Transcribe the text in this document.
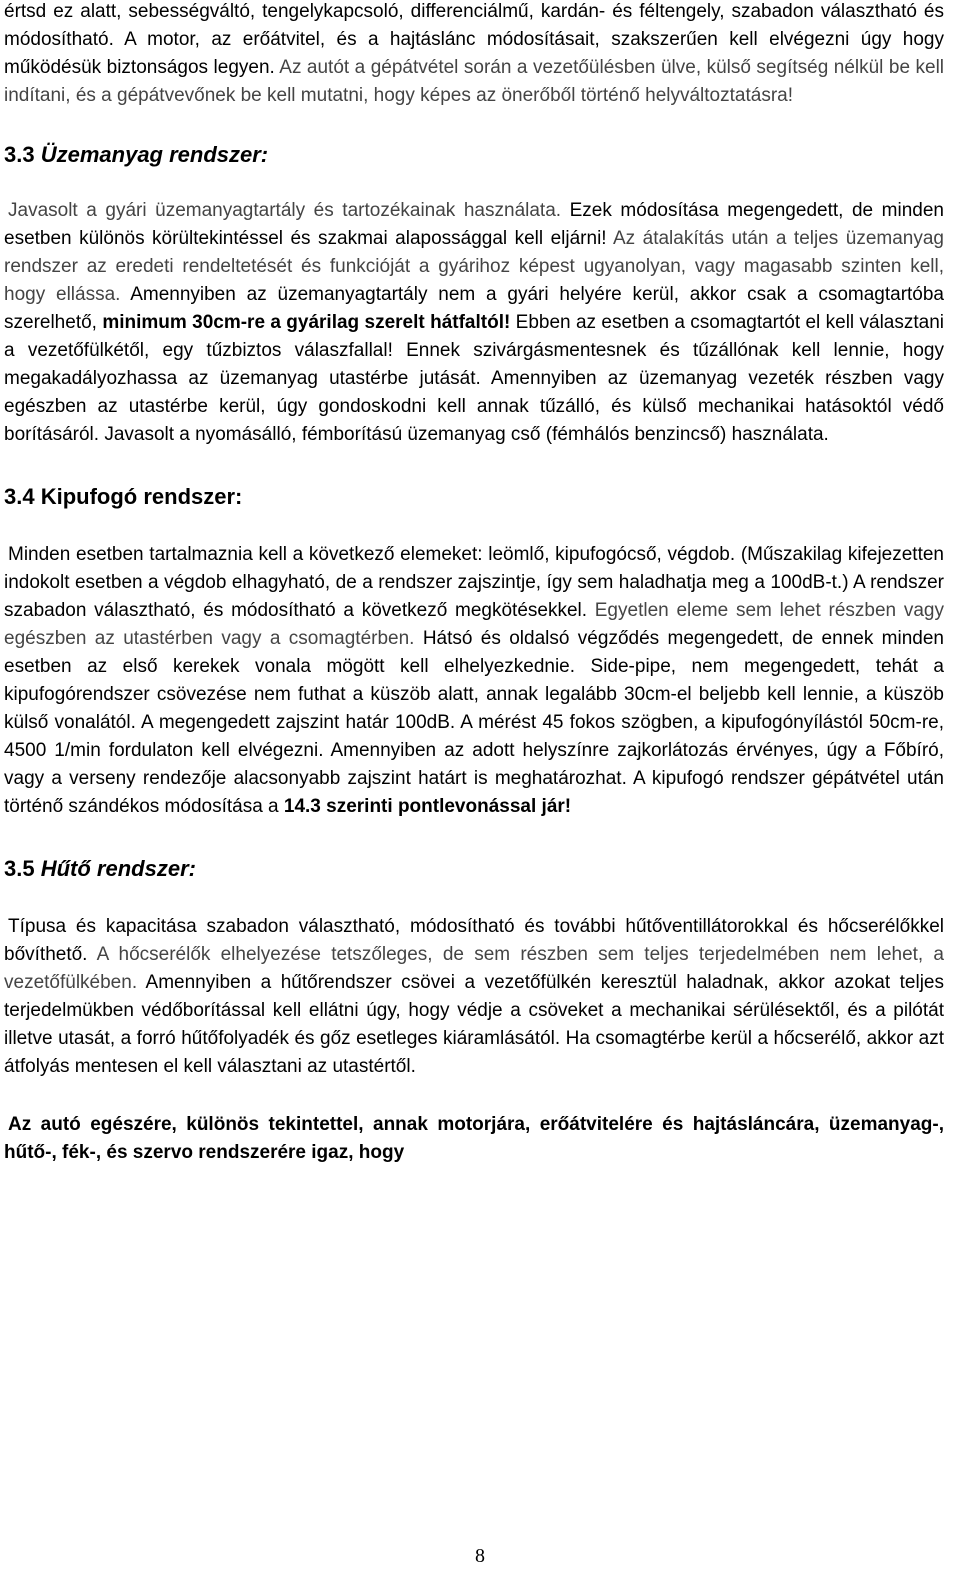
értsd ez alatt, sebességváltó, tengelykapcsoló, differenciálmű, kardán- és féltengely, szabadon választható és módosítható. A motor, az erőátvitel, és a hajtáslánc módosításait, szakszerűen kell elvégezni úgy hogy működésük biztonságos legyen. Az autót a gépátvétel során a vezetőülésben ülve, külső segítség nélkül be kell indítani, és a gépátvevőnek be kell mutatni, hogy képes az önerőből történő helyváltoztatásra!

3.3 Üzemanyag rendszer:

Javasolt a gyári üzemanyagtartály és tartozékainak használata. Ezek módosítása megengedett, de minden esetben különös körültekintéssel és szakmai alapossággal kell eljárni! Az átalakítás után a teljes üzemanyag rendszer az eredeti rendeltetését és funkcióját a gyárihoz képest ugyanolyan, vagy magasabb szinten kell, hogy ellássa. Amennyiben az üzemanyagtartály nem a gyári helyére kerül, akkor csak a csomagtartóba szerelhető, minimum 30cm-re a gyárilag szerelt hátfaltól! Ebben az esetben a csomagtartót el kell választani a vezetőfülkétől, egy tűzbiztos válaszfallal! Ennek szivárgásmentesnek és tűzállónak kell lennie, hogy megakadályozhassa az üzemanyag utastérbe jutását. Amennyiben az üzemanyag vezeték részben vagy egészben az utastérbe kerül, úgy gondoskodni kell annak tűzálló, és külső mechanikai hatásoktól védő borításáról. Javasolt a nyomásálló, fémborítású üzemanyag cső (fémhálós benzincső) használata.

3.4 Kipufogó rendszer:

Minden esetben tartalmaznia kell a következő elemeket: leömlő, kipufogócső, végdob. (Műszakilag kifejezetten indokolt esetben a végdob elhagyható, de a rendszer zajszintje, így sem haladhatja meg a 100dB-t.) A rendszer szabadon választható, és módosítható a következő megkötésekkel. Egyetlen eleme sem lehet részben vagy egészben az utastérben vagy a csomagtérben. Hátsó és oldalsó végződés megengedett, de ennek minden esetben az első kerekek vonala mögött kell elhelyezkednie. Side-pipe, nem megengedett, tehát a kipufogórendszer csövezése nem futhat a küszöb alatt, annak legalább 30cm-el beljebb kell lennie, a küszöb külső vonalától. A megengedett zajszint határ 100dB. A mérést 45 fokos szögben, a kipufogónyílástól 50cm-re, 4500 1/min fordulaton kell elvégezni. Amennyiben az adott helyszínre zajkorlátozás érvényes, úgy a Főbíró, vagy a verseny rendezője alacsonyabb zajszint határt is meghatározhat. A kipufogó rendszer gépátvétel után történő szándékos módosítása a 14.3 szerinti pontlevonással jár!

3.5 Hűtő rendszer:

Típusa és kapacitása szabadon választható, módosítható és további hűtőventillátorokkal és hőcserélőkkel bővíthető. A hőcserélők elhelyezése tetszőleges, de sem részben sem teljes terjedelmében nem lehet, a vezetőfülkében. Amennyiben a hűtőrendszer csövei a vezetőfülkén keresztül haladnak, akkor azokat teljes terjedelmükben védőborítással kell ellátni úgy, hogy védje a csöveket a mechanikai sérülésektől, és a pilótát illetve utasát, a forró hűtőfolyadék és gőz esetleges kiáramlásától. Ha csomagtérbe kerül a hőcserélő, akkor azt átfolyás mentesen el kell választani az utastértől.

Az autó egészére, különös tekintettel, annak motorjára, erőátvitelére és hajtásláncára, üzemanyag-, hűtő-, fék-, és szervo rendszerére igaz, hogy

8
